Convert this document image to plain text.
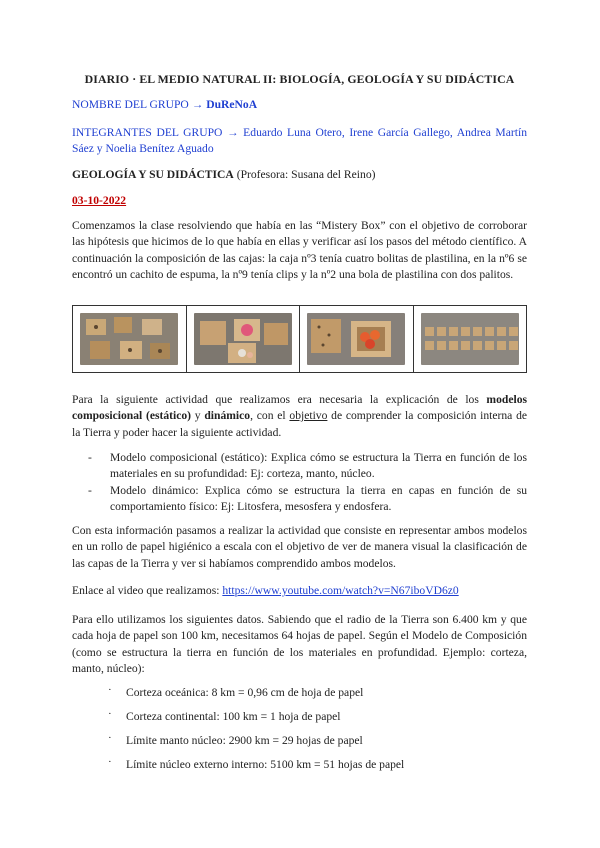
DIARIO · EL MEDIO NATURAL II: BIOLOGÍA, GEOLOGÍA Y SU DIDÁCTICA

NOMBRE DEL GRUPO → DuReNoA

INTEGRANTES DEL GRUPO → Eduardo Luna Otero, Irene García Gallego, Andrea Martín Sáez y Noelia Benítez Aguado

GEOLOGÍA Y SU DIDÁCTICA (Profesora: Susana del Reino)

03-10-2022

Comenzamos la clase resolviendo que había en las “Mistery Box” con el objetivo de corroborar las hipótesis que hicimos de lo que había en ellas y verificar así los pasos del método científico. A continuación la composición de las cajas: la caja nº3 tenía cuatro bolitas de plastilina, en la nº6 se encontró un cachito de espuma, la nº9 tenía clips y la nº2 una bola de plastilina con dos palitos.

Para la siguiente actividad que realizamos era necesaria la explicación de los modelos composicional (estático) y dinámico, con el objetivo de comprender la composición interna de la Tierra y poder hacer la siguiente actividad.

- Modelo composicional (estático): Explica cómo se estructura la Tierra en función de los materiales en su profundidad: Ej: corteza, manto, núcleo.
- Modelo dinámico: Explica cómo se estructura la tierra en capas en función de su comportamiento físico: Ej: Litosfera, mesosfera y endosfera.

Con esta información pasamos a realizar la actividad que consiste en representar ambos modelos en un rollo de papel higiénico a escala con el objetivo de ver de manera visual la clasificación de las capas de la Tierra y ver si habíamos comprendido ambos modelos.

Enlace al video que realizamos: https://www.youtube.com/watch?v=N67iboVD6z0

Para ello utilizamos los siguientes datos. Sabiendo que el radio de la Tierra son 6.400 km y que cada hoja de papel son 100 km, necesitamos 64 hojas de papel. Según el Modelo de Composición (como se estructura la tierra en función de los materiales en profundidad. Ejemplo: corteza, manto, núcleo):

· Corteza oceánica: 8 km = 0,96 cm de hoja de papel
· Corteza continental: 100 km = 1 hoja de papel
· Límite manto núcleo: 2900 km = 29 hojas de papel
· Límite núcleo externo interno: 5100 km = 51 hojas de papel
